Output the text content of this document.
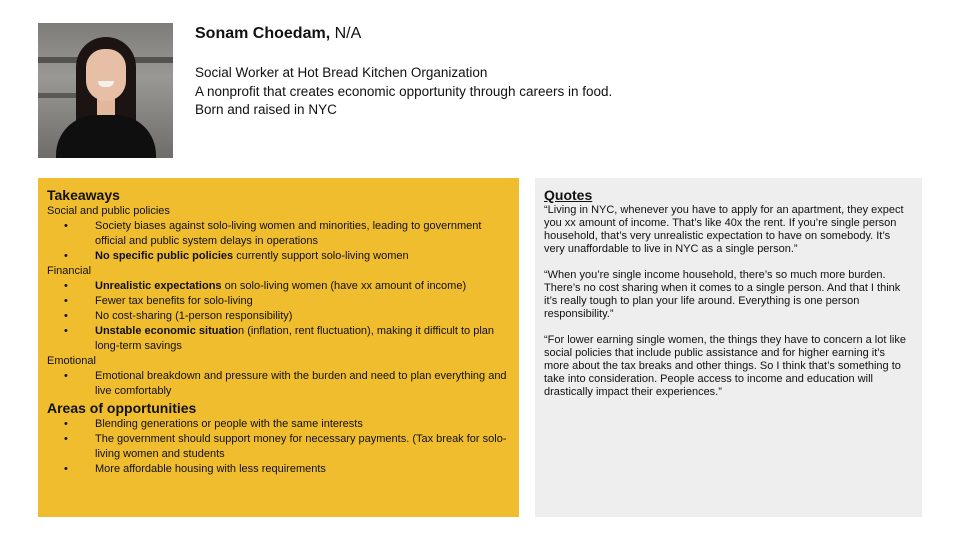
Sonam Choedam, N/A
Social Worker at Hot Bread Kitchen Organization
A nonprofit that creates economic opportunity through careers in food.
Born and raised in NYC
Takeaways
Social and public policies
• Society biases against solo-living women and minorities, leading to government official and public system delays in operations
• No specific public policies currently support solo-living women
Financial
• Unrealistic expectations on solo-living women (have xx amount of income)
• Fewer tax benefits for solo-living
• No cost-sharing (1-person responsibility)
• Unstable economic situation (inflation, rent fluctuation), making it difficult to plan long-term savings
Emotional
• Emotional breakdown and pressure with the burden and need to plan everything and live comfortably
Areas of opportunities
• Blending generations or people with the same interests
• The government should support money for necessary payments. (Tax break for solo-living women and students
• More affordable housing with less requirements
Quotes

“Living in NYC, whenever you have to apply for an apartment, they expect you xx amount of income. That’s like 40x the rent. If you’re single person household, that’s very unrealistic expectation to have on somebody. It’s very unaffordable to live in NYC as a single person.”

“When you’re single income household, there’s so much more burden. There’s no cost sharing when it comes to a single person. And that I think it’s really tough to plan your life around. Everything is one person responsibility.”

“For lower earning single women, the things they have to concern a lot like social policies that include public assistance and for higher earning it’s more about the tax breaks and other things. So I think that’s something to take into consideration. People access to income and education will drastically impact their experiences.”
